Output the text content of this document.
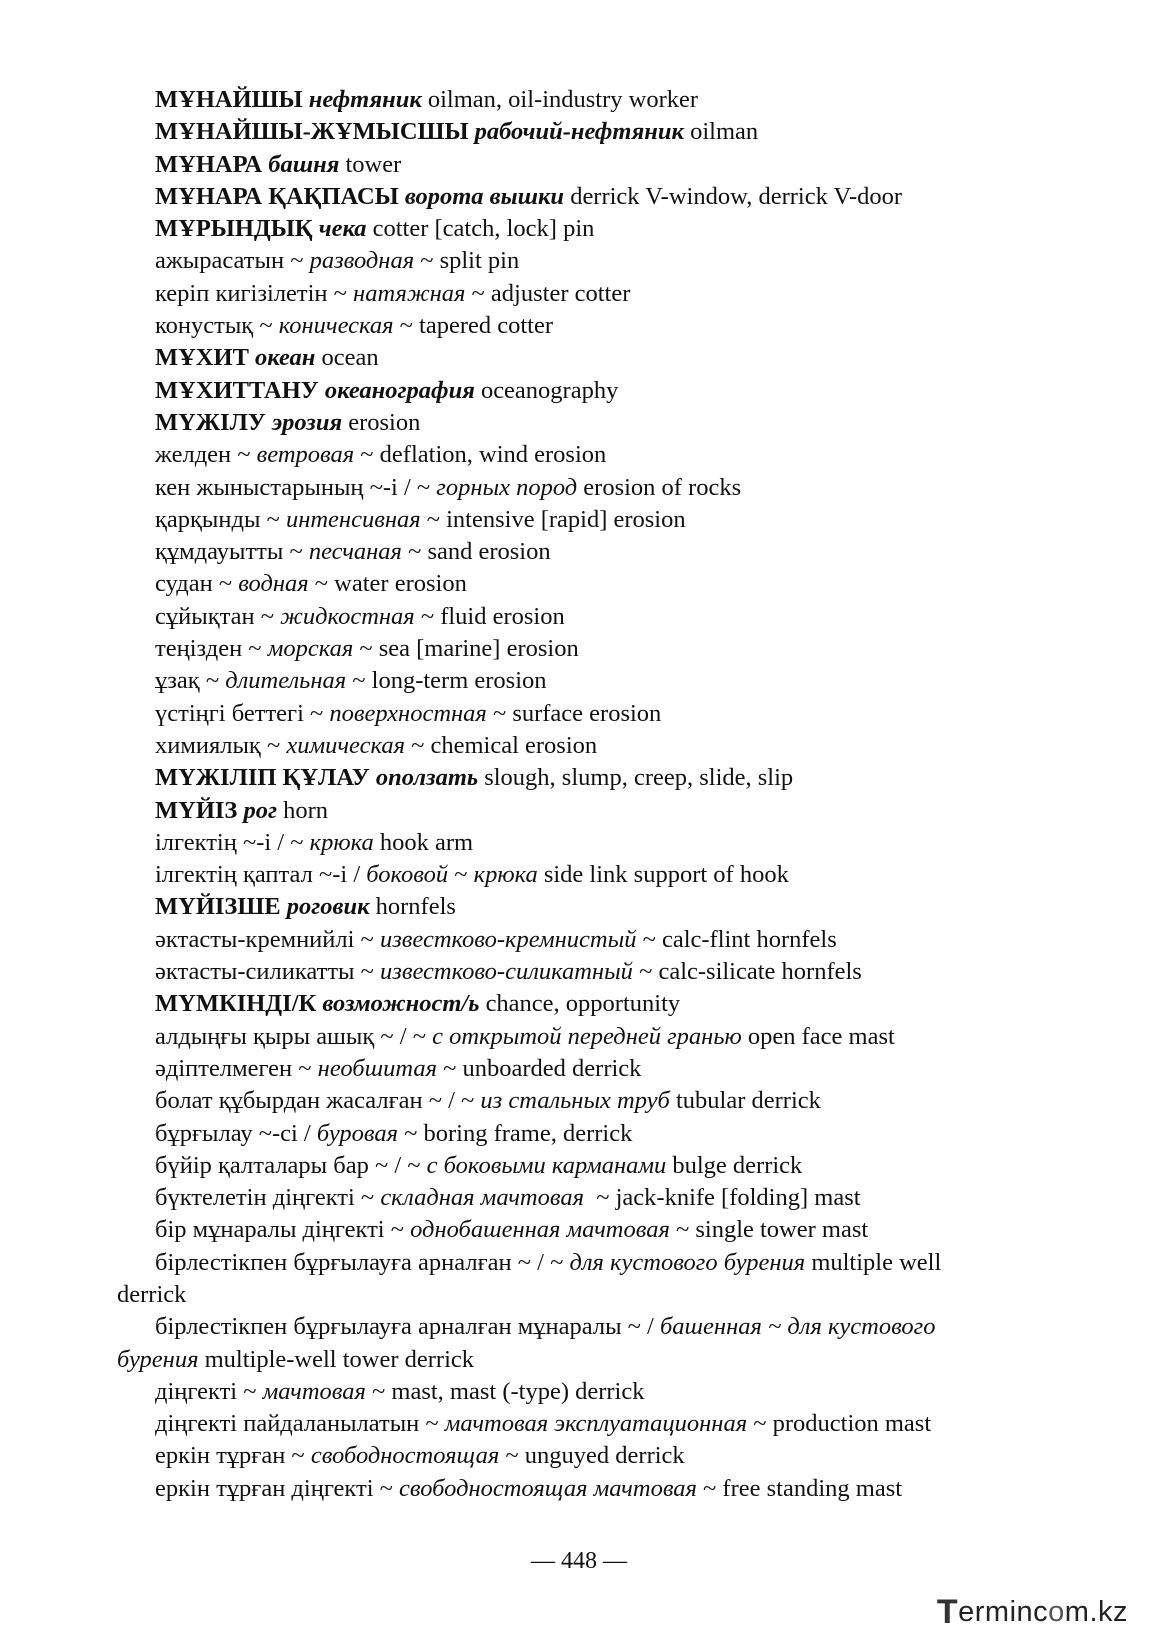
МҰНАЙШЫ нефтяник oilman, oil-industry worker
МҰНАЙШЫ-ЖҰМЫСШЫ рабочий-нефтяник oilman
МҰНАРА башня tower
МҰНАРА ҚАҚПАСЫ ворота вышки derrick V-window, derrick V-door
МҰРЫНДЫҚ чека cotter [catch, lock] pin
ажырасатын ~ разводная ~ split pin
керіп кигізілетін ~ натяжная ~ adjuster cotter
конустық ~ коническая ~ tapered cotter
МҰХИТ океан ocean
МҰХИТТАНУ океанография oceanography
МҮЖІЛУ эрозия erosion
желден ~ ветровая ~ deflation, wind erosion
кен жыныстарының ~-і / ~ горных пород erosion of rocks
қарқынды ~ интенсивная ~ intensive [rapid] erosion
құмдауытты ~ песчаная ~ sand erosion
судан ~ водная ~ water erosion
сұйықтан ~ жидкостная ~ fluid erosion
теңізден ~ морская ~ sea [marine] erosion
ұзақ ~ длительная ~ long-term erosion
үстіңгі беттегі ~ поверхностная ~ surface erosion
химиялық ~ химическая ~ chemical erosion
МҮЖІЛІП ҚҰЛАУ оползать slough, slump, creep, slide, slip
МҮЙІЗ рог horn
ілгектің ~-і / ~ крюка hook arm
ілгектің қаптал ~-і / боковой ~ крюка side link support of hook
МҮЙІЗШЕ роговик hornfels
әктасты-кремнийлі ~ известково-кремнистый ~ calc-flint hornfels
әктасты-силикатты ~ известково-силикатный ~ calc-silicate hornfels
МҮМКІНДІ/К возможност/ь chance, opportunity
алдыңғы қыры ашық ~ / ~ с открытой передней гранью open face mast
әдіптелмеген ~ необшитая ~ unboarded derrick
болат құбырдан жасалған ~ / ~ из стальных труб tubular derrick
бұрғылау ~-сі / буровая ~ boring frame, derrick
бүйір қалталары бар ~ / ~ с боковыми карманами bulge derrick
бүктелетін діңгекті ~ складная мачтовая  ~ jack-knife [folding] mast
бір мұнаралы діңгекті ~ однобашенная мачтовая ~ single tower mast
бірлестікпен бұрғылауға арналған ~ / ~ для кустового бурения multiple well
derrick
бірлестікпен бұрғылауға арналған мұнаралы ~ / башенная ~ для кустового
бурения multiple-well tower derrick
діңгекті ~ мачтовая ~ mast, mast (-type) derrick
діңгекті пайдаланылатын ~ мачтовая эксплуатационная ~ production mast
еркін тұрған ~ свободностоящая ~ unguyed derrick
еркін тұрған діңгекті ~ свободностоящая мачтовая ~ free standing mast
— 448 —
T erminc o m.kz
